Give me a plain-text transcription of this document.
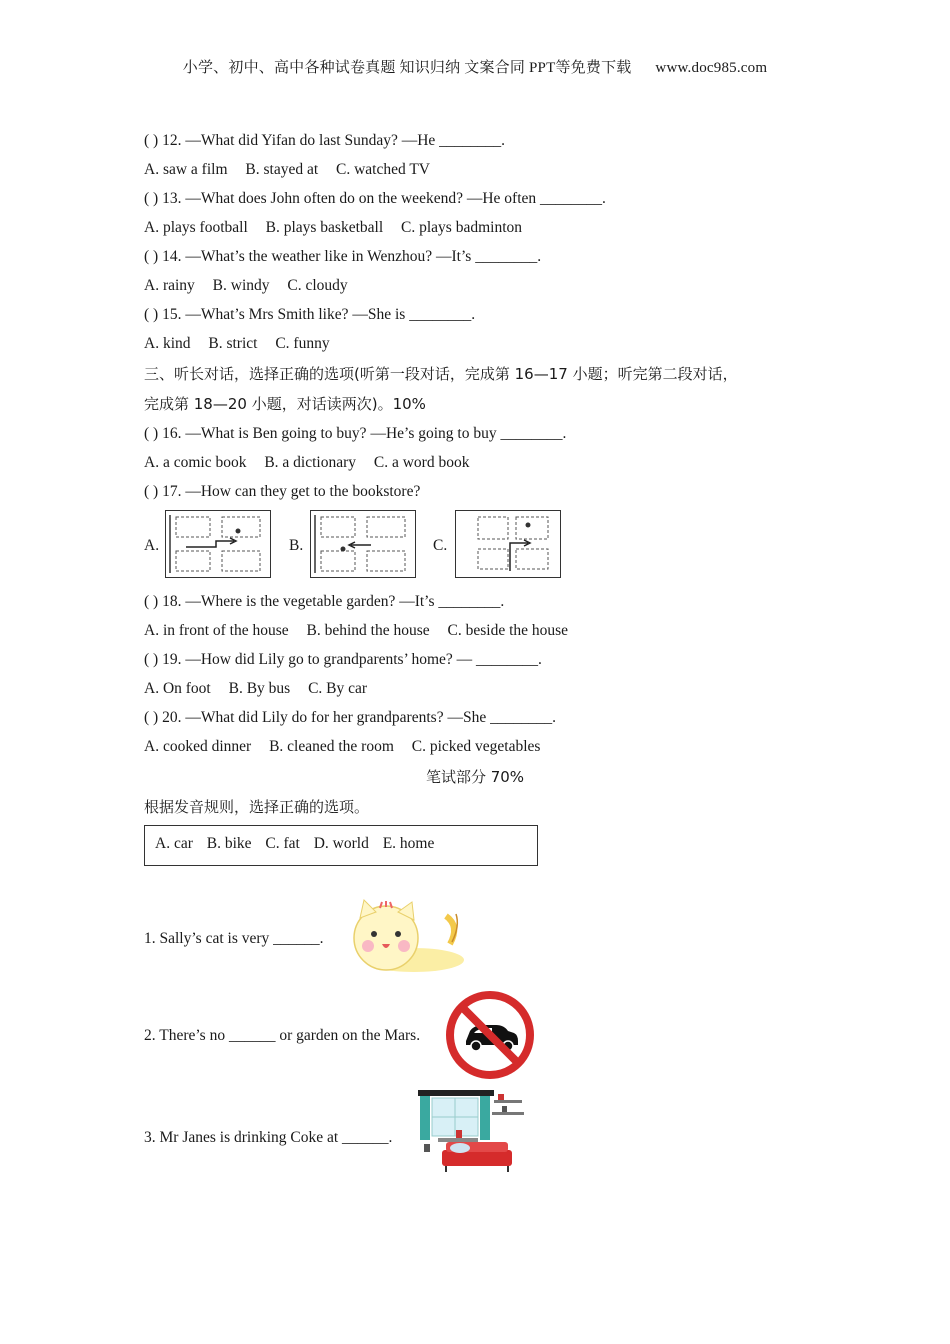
小学、初中、高中各种试卷真题 知识归纳 文案合同 PPT等免费下载 www.doc985.com
( ) 12. —What did Yifan do last Sunday? —He ________.
A. saw a film B. stayed at C. watched TV
( ) 13. —What does John often do on the weekend? —He often ________.
A. plays football B. plays basketball C. plays badminton
( ) 14. —What’s the weather like in Wenzhou? —It’s ________.
A. rainy B. windy C. cloudy
( ) 15. —What’s Mrs Smith like? —She is ________.
A. kind B. strict C. funny
三、听长对话，选择正确的选项(听第一段对话，完成第 16—17 小题；听完第二段对话，
完成第 18—20 小题，对话读两次)。10%
( ) 16. —What is Ben going to buy? —He’s going to buy ________.
A. a comic book B. a dictionary C. a word book
( ) 17. —How can they get to the bookstore?
A.	B.	C.
( ) 18. —Where is the vegetable garden? —It’s ________.
A. in front of the house B. behind the house C. beside the house
( ) 19. —How did Lily go to grandparents’ home? — ________.
A. On foot B. By bus C. By car
( ) 20. —What did Lily do for her grandparents? —She ________.
A. cooked dinner B. cleaned the room C. picked vegetables
笔试部分 70%
根据发音规则，选择正确的选项。
A. car B. bike C. fat D. world E. home
1. Sally’s cat is very ______.
2. There’s no ______ or garden on the Mars.
3. Mr Janes is drinking Coke at ______.
